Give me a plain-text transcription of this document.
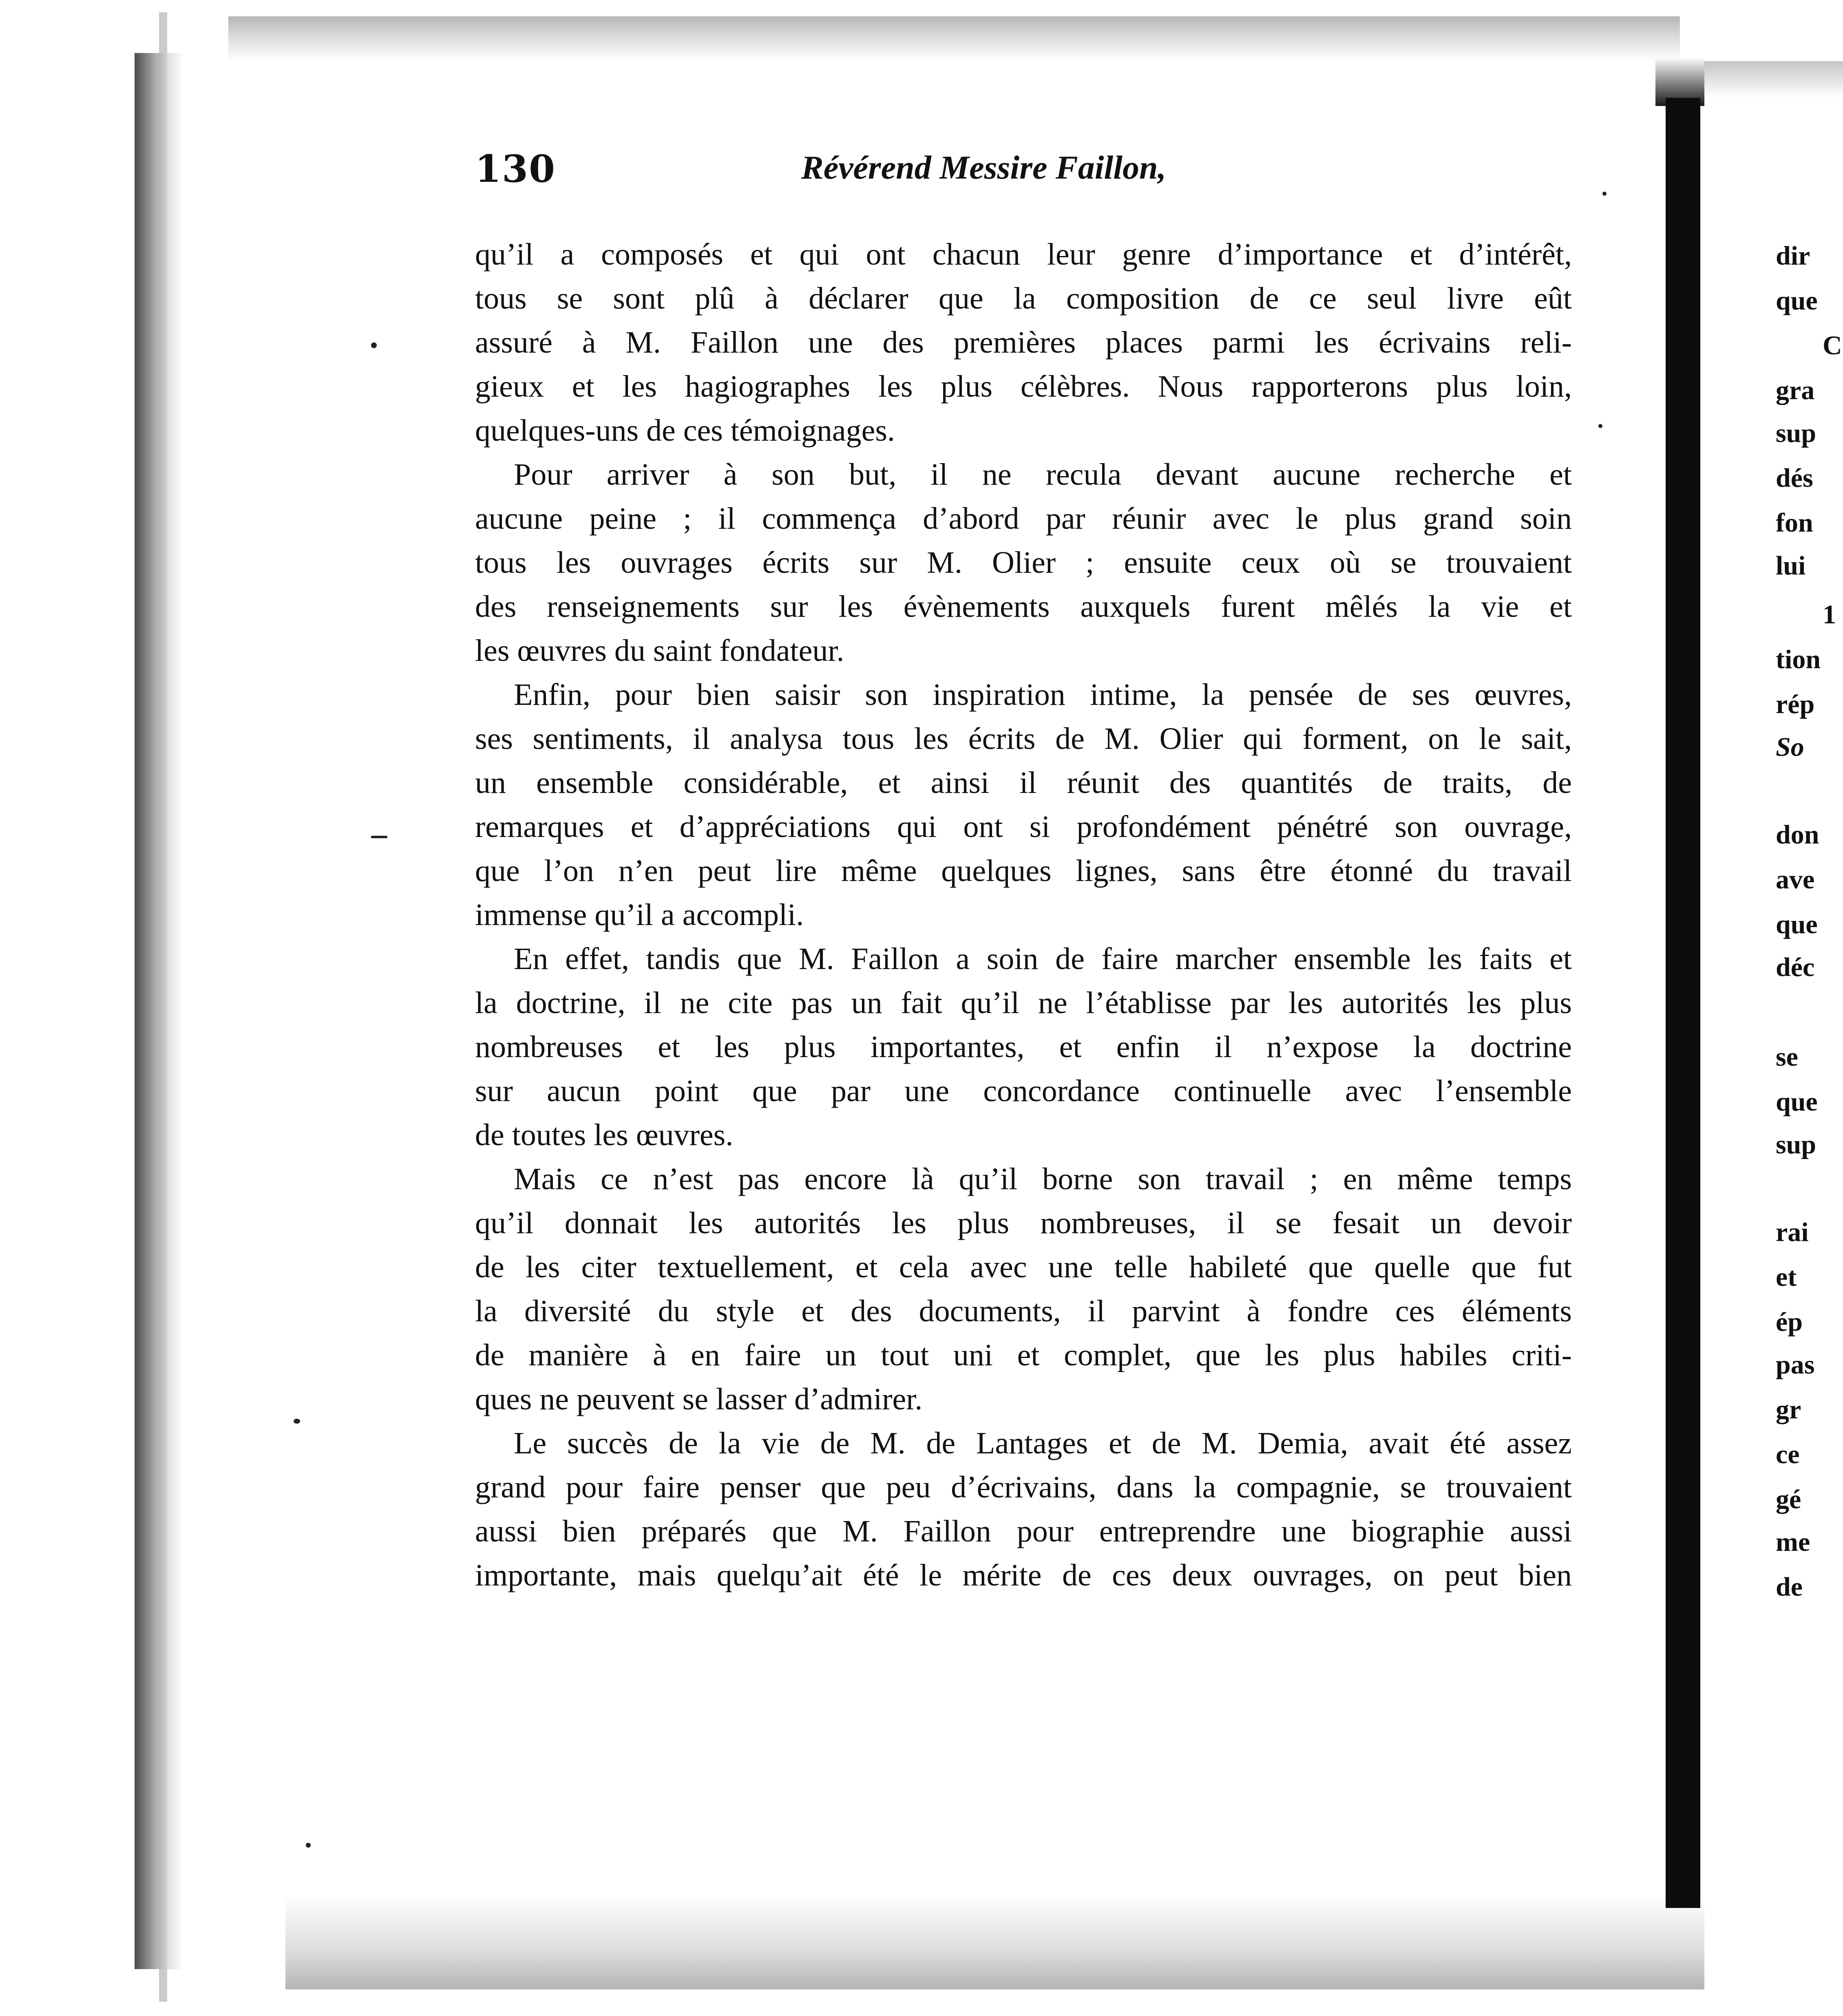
130	Révérend Messire Faillon,
qu’il a composés et qui ont chacun leur genre d’importance et d’intérêt,
tous se sont plû à déclarer que la composition de ce seul livre eût
assuré à M. Faillon une des premières places parmi les écrivains reli-
gieux et les hagiographes les plus célèbres. Nous rapporterons plus loin,
quelques-uns de ces témoignages.
Pour arriver à son but, il ne recula devant aucune recherche et
aucune peine ; il commença d’abord par réunir avec le plus grand soin
tous les ouvrages écrits sur M. Olier ; ensuite ceux où se trouvaient
des renseignements sur les évènements auxquels furent mêlés la vie et
les œuvres du saint fondateur.
Enfin, pour bien saisir son inspiration intime, la pensée de ses œuvres,
ses sentiments, il analysa tous les écrits de M. Olier qui forment, on le sait,
un ensemble considérable, et ainsi il réunit des quantités de traits, de
remarques et d’appréciations qui ont si profondément pénétré son ouvrage,
que l’on n’en peut lire même quelques lignes, sans être étonné du travail
immense qu’il a accompli.
En effet, tandis que M. Faillon a soin de faire marcher ensemble les faits et
la doctrine, il ne cite pas un fait qu’il ne l’établisse par les autorités les plus
nombreuses et les plus importantes, et enfin il n’expose la doctrine
sur aucun point que par une concordance continuelle avec l’ensemble
de toutes les œuvres.
Mais ce n’est pas encore là qu’il borne son travail ; en même temps
qu’il donnait les autorités les plus nombreuses, il se fesait un devoir
de les citer textuellement, et cela avec une telle habileté que quelle que fut
la diversité du style et des documents, il parvint à fondre ces éléments
de manière à en faire un tout uni et complet, que les plus habiles criti-
ques ne peuvent se lasser d’admirer.
Le succès de la vie de M. de Lantages et de M. Demia, avait été assez
grand pour faire penser que peu d’écrivains, dans la compagnie, se trouvaient
aussi bien préparés que M. Faillon pour entreprendre une biographie aussi
importante, mais quelqu’ait été le mérite de ces deux ouvrages, on peut bien
dir
que
C
gra
sup
dés
fon
lui
1
tion
rép
So
don
ave
que
déc
se
que
sup
rai
et
ép
pas
gr
ce
gé
me
de
